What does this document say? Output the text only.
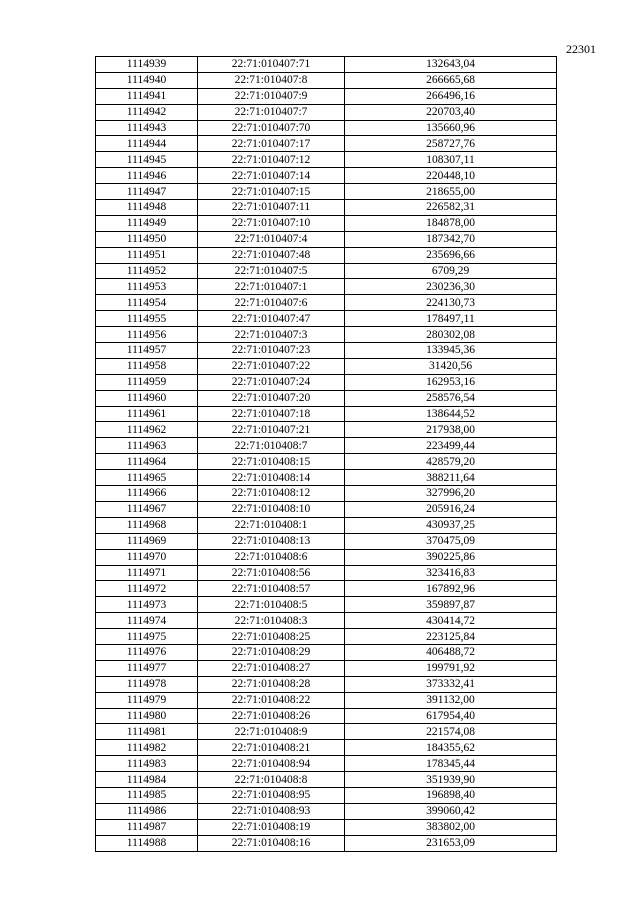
22301
1114939	22:71:010407:71	132643,04
1114940	22:71:010407:8	266665,68
1114941	22:71:010407:9	266496,16
1114942	22:71:010407:7	220703,40
1114943	22:71:010407:70	135660,96
1114944	22:71:010407:17	258727,76
1114945	22:71:010407:12	108307,11
1114946	22:71:010407:14	220448,10
1114947	22:71:010407:15	218655,00
1114948	22:71:010407:11	226582,31
1114949	22:71:010407:10	184878,00
1114950	22:71:010407:4	187342,70
1114951	22:71:010407:48	235696,66
1114952	22:71:010407:5	6709,29
1114953	22:71:010407:1	230236,30
1114954	22:71:010407:6	224130,73
1114955	22:71:010407:47	178497,11
1114956	22:71:010407:3	280302,08
1114957	22:71:010407:23	133945,36
1114958	22:71:010407:22	31420,56
1114959	22:71:010407:24	162953,16
1114960	22:71:010407:20	258576,54
1114961	22:71:010407:18	138644,52
1114962	22:71:010407:21	217938,00
1114963	22:71:010408:7	223499,44
1114964	22:71:010408:15	428579,20
1114965	22:71:010408:14	388211,64
1114966	22:71:010408:12	327996,20
1114967	22:71:010408:10	205916,24
1114968	22:71:010408:1	430937,25
1114969	22:71:010408:13	370475,09
1114970	22:71:010408:6	390225,86
1114971	22:71:010408:56	323416,83
1114972	22:71:010408:57	167892,96
1114973	22:71:010408:5	359897,87
1114974	22:71:010408:3	430414,72
1114975	22:71:010408:25	223125,84
1114976	22:71:010408:29	406488,72
1114977	22:71:010408:27	199791,92
1114978	22:71:010408:28	373332,41
1114979	22:71:010408:22	391132,00
1114980	22:71:010408:26	617954,40
1114981	22:71:010408:9	221574,08
1114982	22:71:010408:21	184355,62
1114983	22:71:010408:94	178345,44
1114984	22:71:010408:8	351939,90
1114985	22:71:010408:95	196898,40
1114986	22:71:010408:93	399060,42
1114987	22:71:010408:19	383802,00
1114988	22:71:010408:16	231653,09
